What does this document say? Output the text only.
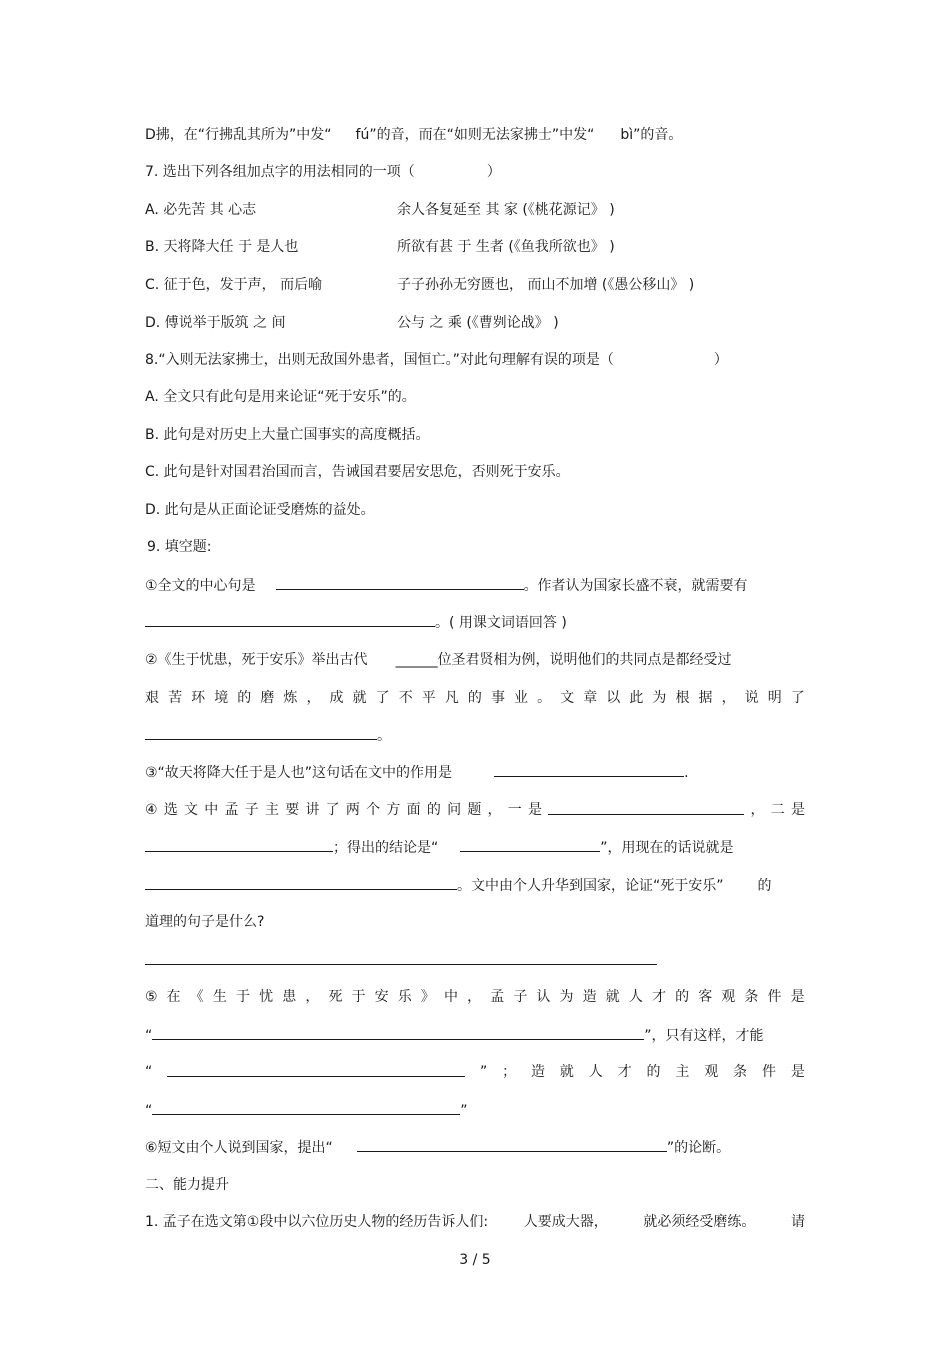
D拂，在“行拂乱其所为”中发“ fú”的音，而在“如则无法家拂士”中发“ bì”的音。
7. 选出下列各组加点字的用法相同的一项（	）
A. 必先苦 其 心志	余人各复延至 其 家 (《桃花源记》 )
B. 天将降大任 于 是人也	所欲有甚 于 生者 (《鱼我所欲也》 )
C. 征于色，发于声， 而后喻	子子孙孙无穷匮也， 而山不加增 (《愚公移山》 )
D. 傅说举于版筑 之 间	公与 之 乘 (《曹刿论战》 )
8.“入则无法家拂士，出则无敌国外患者，国恒亡。”对此句理解有误的项是（	）
A. 全文只有此句是用来论证“死于安乐”的。
B. 此句是对历史上大量亡国事实的高度概括。
C. 此句是针对国君治国而言，告诫国君要居安思危，否则死于安乐。
D. 此句是从正面论证受磨炼的益处。
9. 填空题:
①全文的中心句是	。作者认为国家长盛不衰，就需要有
。( 用课文词语回答 )
②《生于忧患，死于安乐》举出古代 ______位圣君贤相为例，说明他们的共同点是都经受过
艰 苦 环 境 的 磨 炼 ， 成 就 了 不 平 凡 的 事 业 。 文 章 以 此 为 根 据 ， 说 明 了
。
③“故天将降大任于是人也”这句话在文中的作用是	.
④ 选 文 中 孟 子 主 要 讲 了 两 个 方 面 的 问 题 ， 一 是	， 二 是
；得出的结论是“	”，用现在的话说就是
。文中由个人升华到国家，论证“死于安乐” 的
道理的句子是什么?
⑤ 在 《 生 于 忧 患 ， 死 于 安 乐 》 中 ， 孟 子 认 为 造 就 人 才 的 客 观 条 件 是
“	”，只有这样，才能
“	” ； 造 就 人 才 的 主 观 条 件 是
“	”
⑥短文由个人说到国家，提出“	”的论断。
二、能力提升
1. 孟子在选文第①段中以六位历史人物的经历告诉人们:	人要成大器，	就必须经受磨练。	请
3 / 5
